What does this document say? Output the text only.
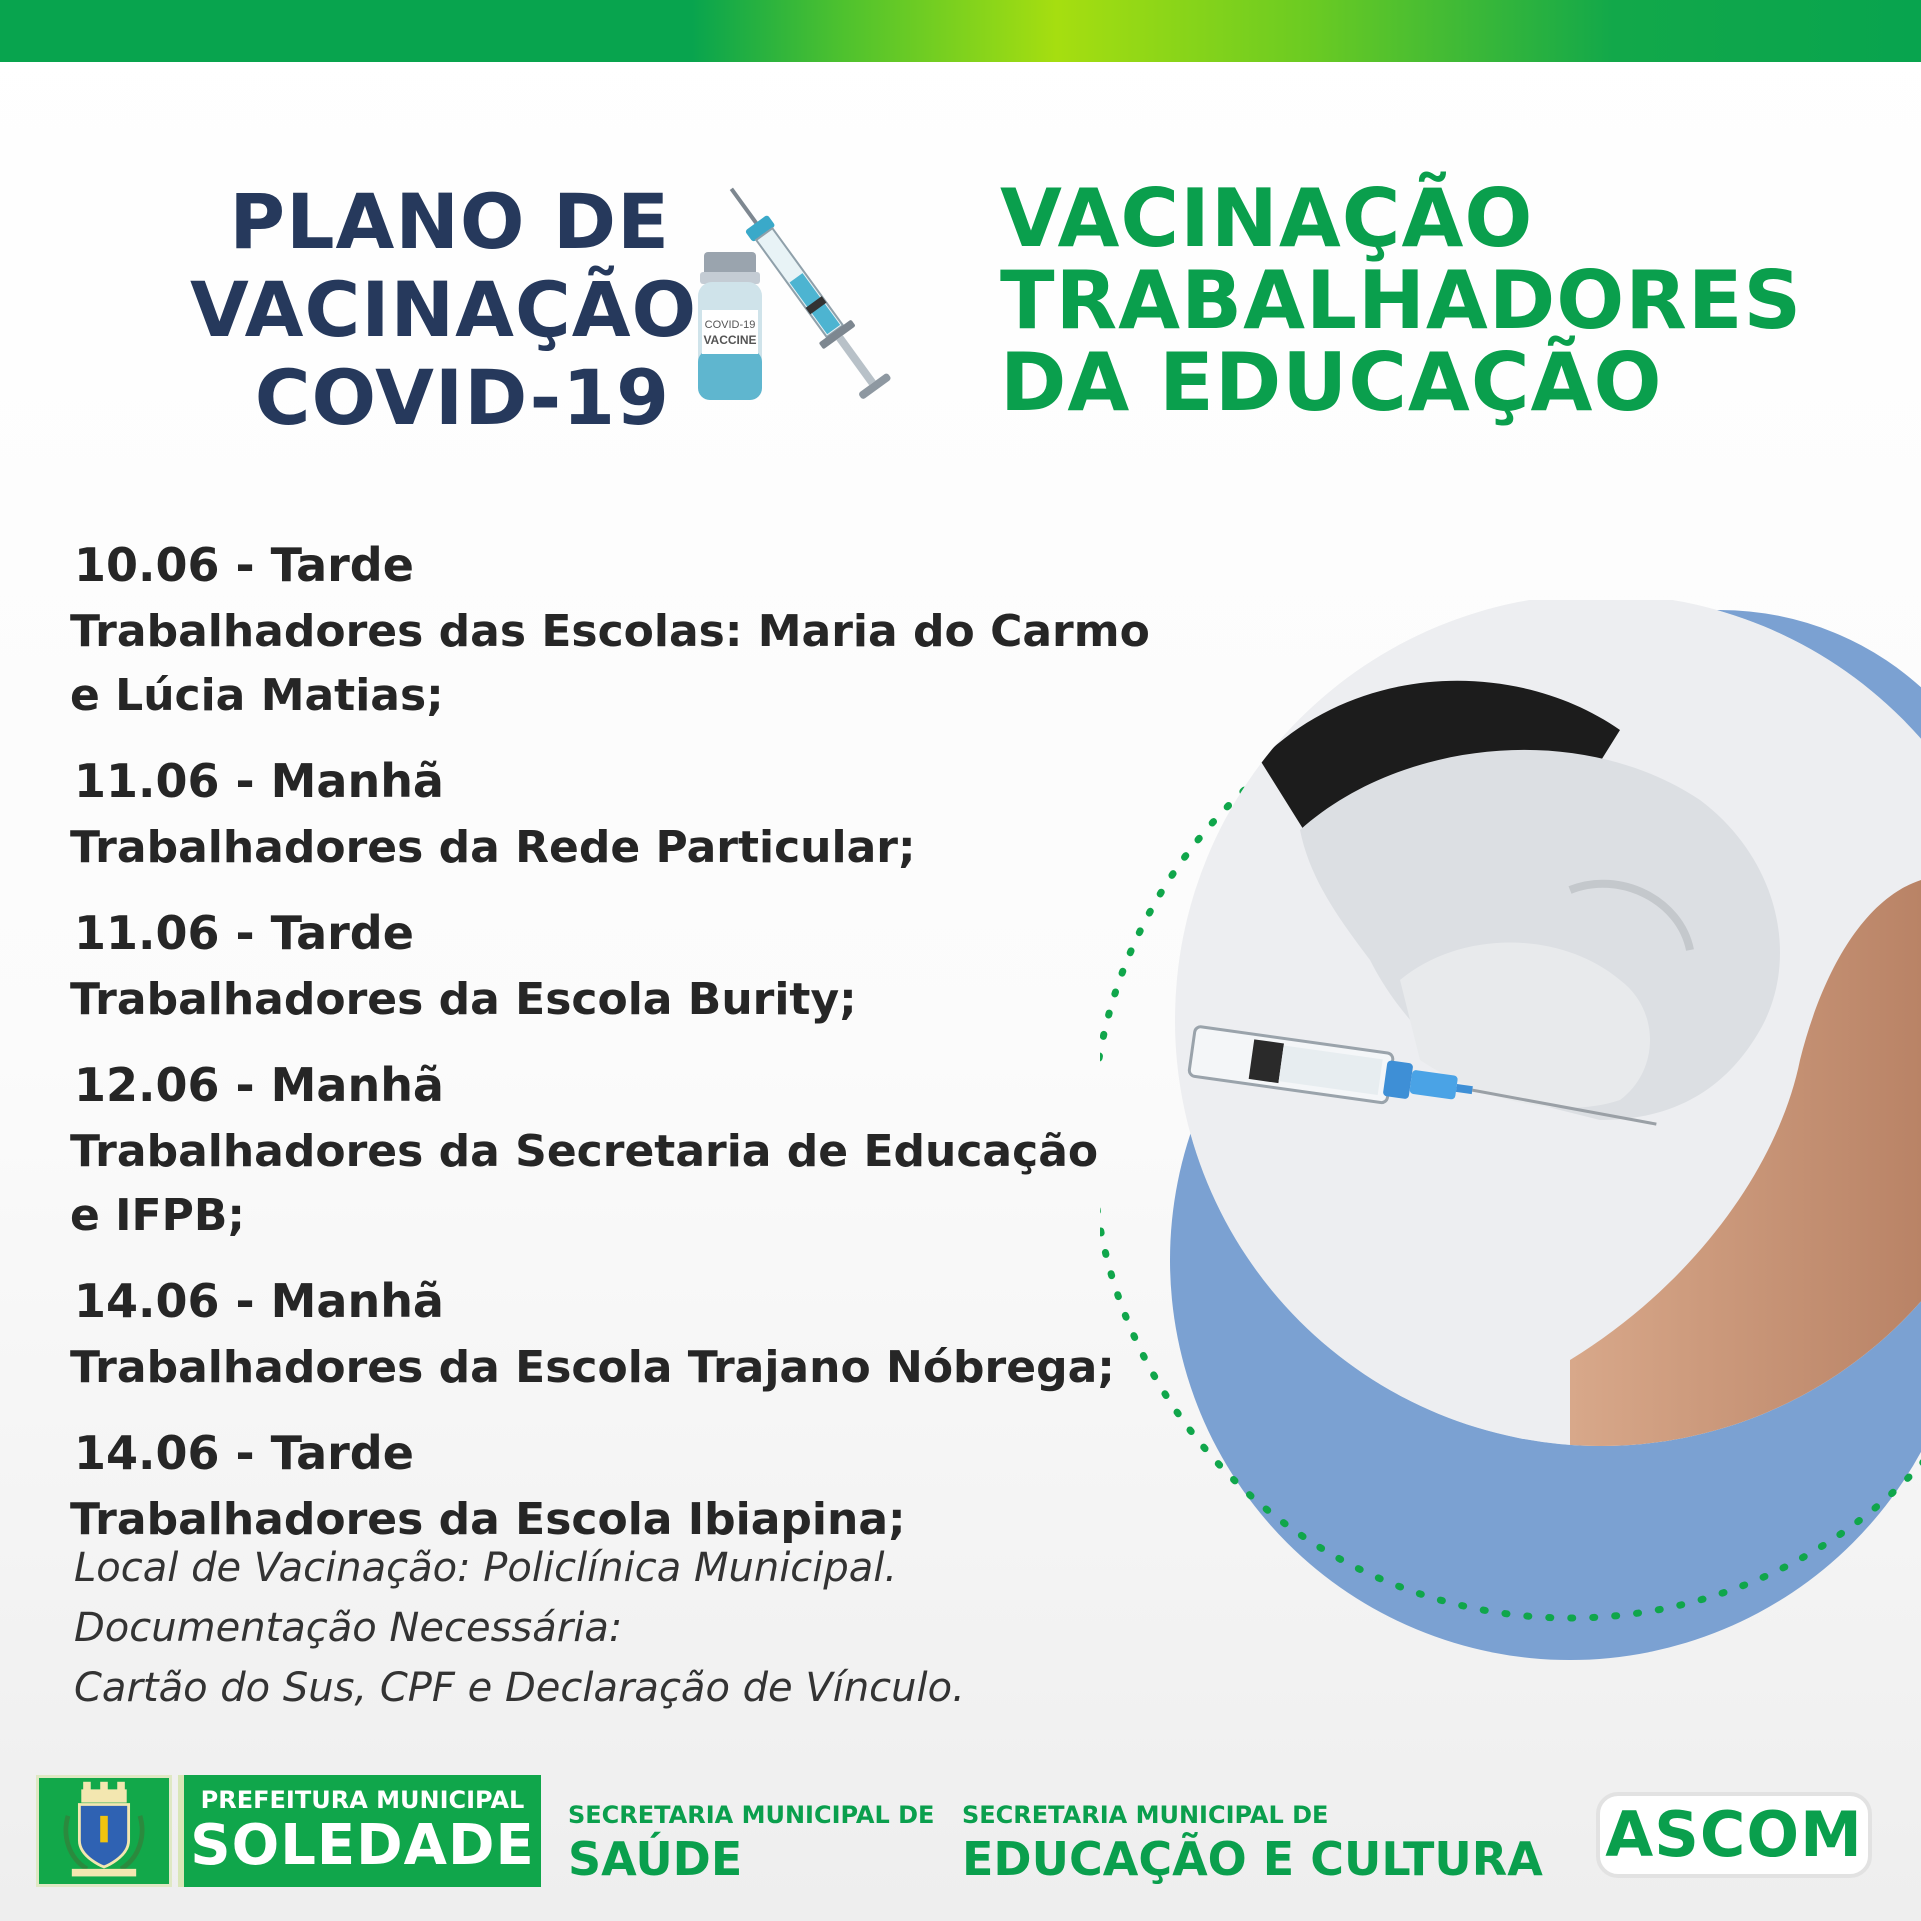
PLANO DE
VACINAÇÃO
COVID-19
COVID-19
VACCINE
VACINAÇÃO
TRABALHADORES
DA EDUCAÇÃO
10.06 - Tarde
Trabalhadores das Escolas: Maria do Carmo e Lúcia Matias;
11.06 - Manhã
Trabalhadores da Rede Particular;
11.06 - Tarde
Trabalhadores da Escola Burity;
12.06 - Manhã
Trabalhadores da Secretaria de Educação e IFPB;
14.06 - Manhã
Trabalhadores da Escola Trajano Nóbrega;
14.06 - Tarde
Trabalhadores da Escola Ibiapina;
Local de Vacinação: Policlínica Municipal.
Documentação Necessária:
Cartão do Sus, CPF e Declaração de Vínculo.
PREFEITURA MUNICIPAL
SOLEDADE SECRETARIA MUNICIPAL DE
SAÚDE
SECRETARIA MUNICIPAL DE
EDUCAÇÃO E CULTURA ASCOM
